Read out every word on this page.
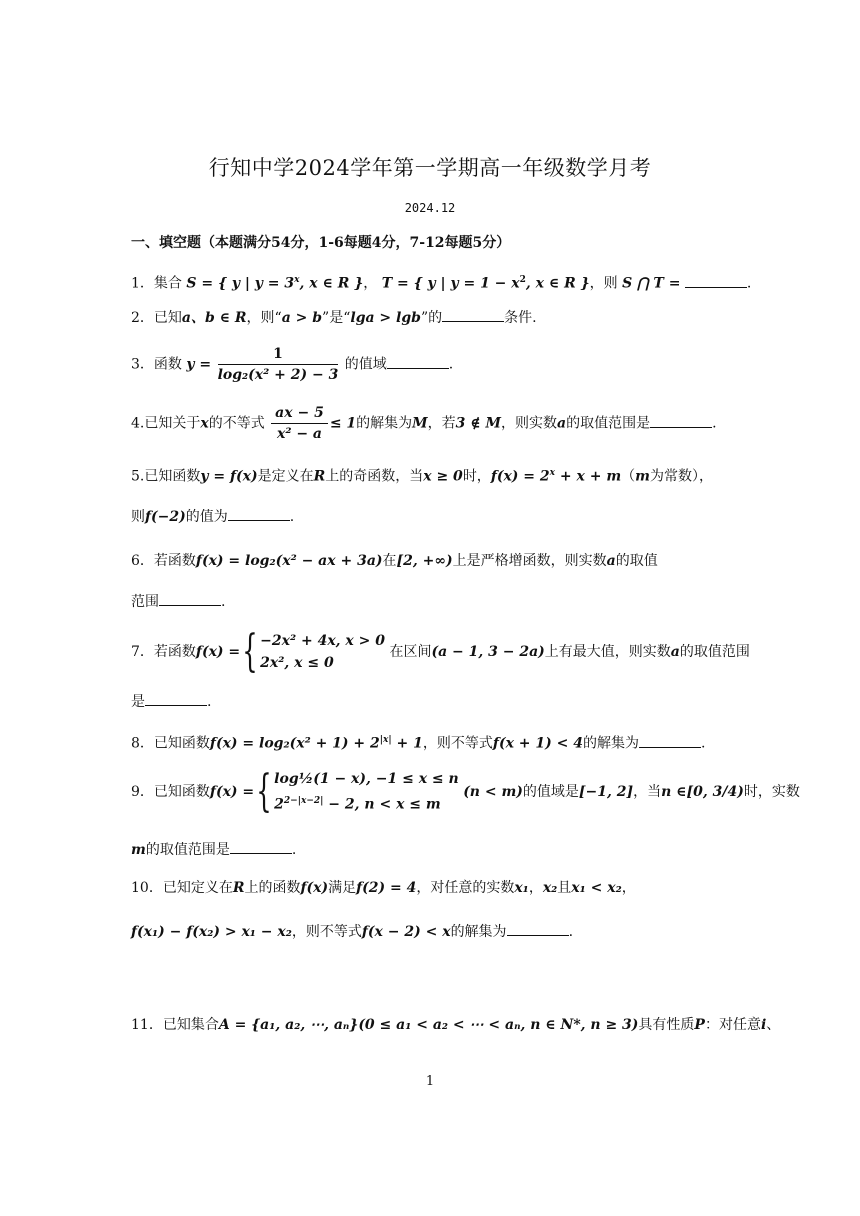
行知中学2024学年第一学期高一年级数学月考
2024.12
一、填空题（本题满分54分，1-6每题4分，7-12每题5分）
1．集合 S = { y | $y = 3^x$, x ∈ R }， T = { y | $y = 1 - x^2$, x ∈ R }，则 S ⋂ T =	.
2．已知a、b ∈ R，则“a > b”是“lga > lgb”的	条件.
3．函数 $y = \frac{1}{\text{log₂(x² + 2) − 3}}$ 的值域	.
4.已知关于x的不等式 $\frac{ax - 5}{\text{x² − a}} \le 1$的解集为M，若3 ∉ M，则实数a的取值范围是	.
5.已知函数y = f(x)是定义在R上的奇函数，当x ≥ 0时，$f(x) = 2^x + x + m(m$为常数），
则f(−2)的值为	.
6．若函数f(x) = log₂(x² − ax + 3a)在[2, +∞)上是严格增函数，则实数a的取值
范围	.
7．若函数f(x) ={ −2x² + 4x, x > 0
2x², x ≤ 0
在区间(a − 1, 3 − 2a)上有最大值，则实数a的取值范围
是	.
8．已知函数$f(x) = \log_2(x^2 + 1) + 2^{|x|} + 1$，则不等式f(x + 1) < 4的解集为	.
9．已知函数f(x) ={ log½(1 − x), −1 ≤ x ≤ n
$2^{2-|x-2|} - 2$, n < x ≤ m
(n < m)的值域是[−1, 2]，当n ∈[0, 3/4)时，实数
m的取值范围是	.
10．已知定义在R上的函数f(x)满足f(2) = 4，对任意的实数x₁，x₂且x₁ < x₂，
f(x₁) − f(x₂) > x₁ − x₂，则不等式f(x − 2) < x的解集为	.
11．已知集合A = {a₁, a₂, ⋯, aₙ}(0 ≤ a₁ < a₂ < ⋯ < aₙ, n ∈ N*, n ≥ 3)具有性质P：对任意i、
1
